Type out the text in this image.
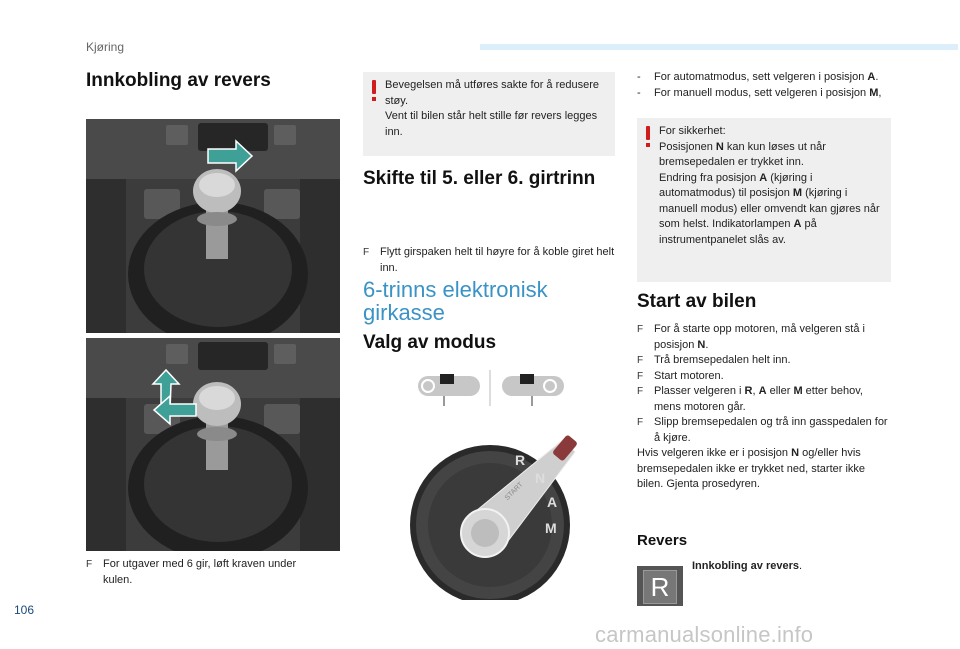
Kjøring
Innkobling av revers
F For utgaver med 6 gir, løft kraven under kulen.
Bevegelsen må utføres sakte for å redusere støy.
Vent til bilen står helt stille før revers legges inn.
Skifte til 5. eller 6. girtrinn
F Flytt girspaken helt til høyre for å koble giret helt inn.
6-trinns elektronisk
girkasse
Valg av modus
R
N
A
M
START
- For automatmodus, sett velgeren i posisjon A.
- For manuell modus, sett velgeren i posisjon M,
For sikkerhet:
Posisjonen N kan kun løses ut når bremsepedalen er trykket inn.
Endring fra posisjon A (kjøring i automatmodus) til posisjon M (kjøring i manuell modus) eller omvendt kan gjøres når som helst. Indikatorlampen A på instrumentpanelet slås av.
Start av bilen
F For å starte opp motoren, må velgeren stå i posisjon N.
F Trå bremsepedalen helt inn.
F Start motoren.
F Plasser velgeren i R, A eller M etter behov, mens motoren går.
F Slipp bremsepedalen og trå inn gasspedalen for å kjøre.
Hvis velgeren ikke er i posisjon N og/eller hvis bremsepedalen ikke er trykket ned, starter ikke bilen. Gjenta prosedyren.
Revers
R
Innkobling av revers.
106
carmanualsonline.info
